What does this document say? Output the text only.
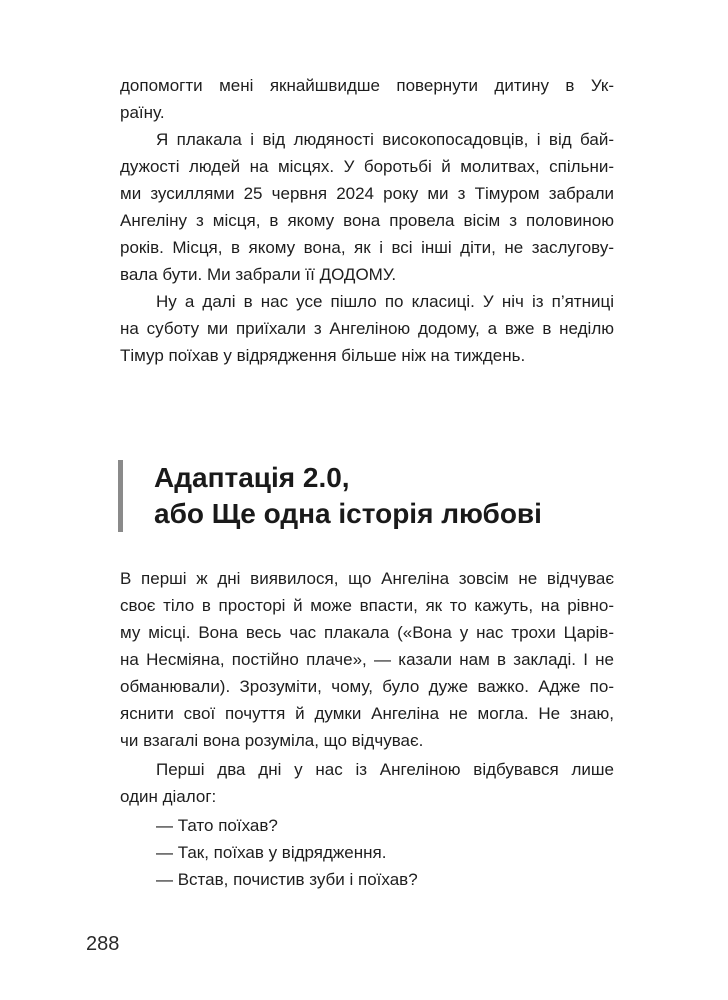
допомогти мені якнайшвидше повернути дитину в Ук-
раїну.
Я плакала і від людяності високопосадовців, і від бай-
дужості людей на місцях. У боротьбі й молитвах, спільни-
ми зусиллями 25 червня 2024 року ми з Тімуром забрали
Ангеліну з місця, в якому вона провела вісім з половиною
років. Місця, в якому вона, як і всі інші діти, не заслугову-
вала бути. Ми забрали її ДОДОМУ.
Ну а далі в нас усе пішло по класиці. У ніч із п’ятниці
на суботу ми приїхали з Ангеліною додому, а вже в неділю
Тімур поїхав у відрядження більше ніж на тиждень.
Адаптація 2.0,
або Ще одна історія любові
В перші ж дні виявилося, що Ангеліна зовсім не відчуває
своє тіло в просторі й може впасти, як то кажуть, на рівно-
му місці. Вона весь час плакала («Вона у нас трохи Царів-
на Несміяна, постійно плаче», — казали нам в закладі. І не
обманювали). Зрозуміти, чому, було дуже важко. Адже по-
яснити свої почуття й думки Ангеліна не могла. Не знаю,
чи взагалі вона розуміла, що відчуває.
Перші два дні у нас із Ангеліною відбувався лише
один діалог:
— Тато поїхав?
— Так, поїхав у відрядження.
— Встав, почистив зуби і поїхав?
288
